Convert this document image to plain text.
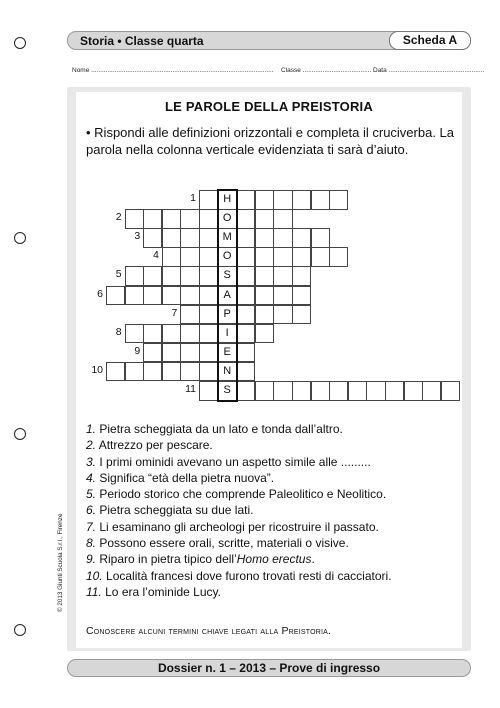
Storia • Classe quarta	Scheda A
Nome ..................................................................................................... Classe ...................................... Data .....................................................
LE PAROLE DELLA PREISTORIA
• Rispondi alle definizioni orizzontali e completa il cruciverba. La parola nella colonna verticale evidenziata ti sarà d’aiuto.
1	H
2	O
3	M
4	O
5	S
6	A
7	P
8	I
9	E
10	N
11	S
1. Pietra scheggiata da un lato e tonda dall’altro.
2. Attrezzo per pescare.
3. I primi ominidi avevano un aspetto simile alle .........
4. Significa “età della pietra nuova”.
5. Periodo storico che comprende Paleolitico e Neolitico.
6. Pietra scheggiata su due lati.
7. Li esaminano gli archeologi per ricostruire il passato.
8. Possono essere orali, scritte, materiali o visive.
9. Riparo in pietra tipico dell’Homo erectus.
10. Località francesi dove furono trovati resti di cacciatori.
11. Lo era l’ominide Lucy.
Conoscere alcuni termini chiave legati alla Preistoria.
Dossier n. 1 – 2013 – Prove di ingresso
© 2013 Giunti Scuola S.r.l., Firenze
